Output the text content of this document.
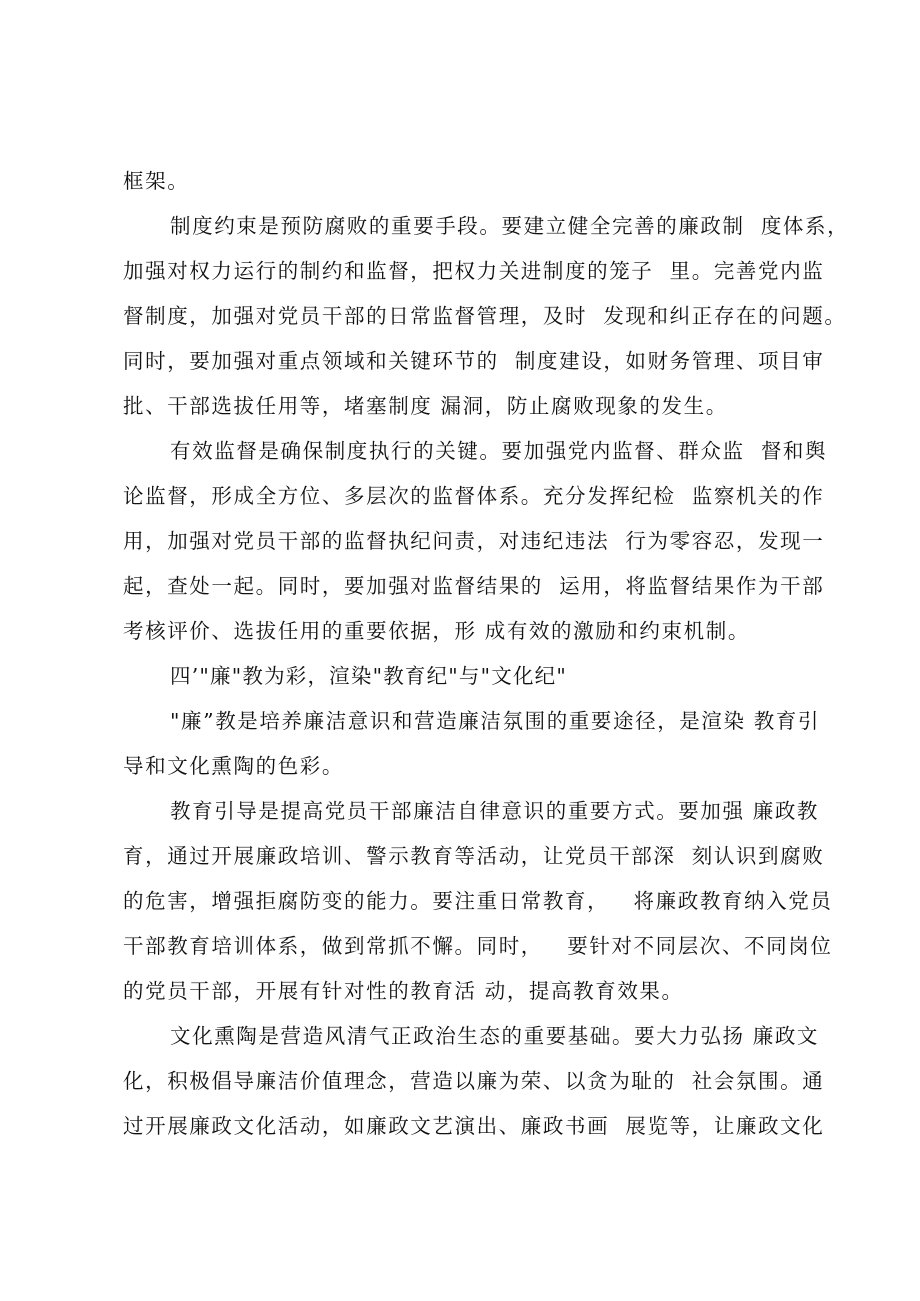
框架。

制度约束是预防腐败的重要手段。要建立健全完善的廉政制  度体系，

加强对权力运行的制约和监督，把权力关进制度的笼子  里。完善党内监

督制度，加强对党员干部的日常监督管理，及时  发现和纠正存在的问题。

同时，要加强对重点领域和关键环节的  制度建设，如财务管理、项目审

批、干部选拔任用等，堵塞制度 漏洞，防止腐败现象的发生。

有效监督是确保制度执行的关键。要加强党内监督、群众监  督和舆

论监督，形成全方位、多层次的监督体系。充分发挥纪检  监察机关的作

用，加强对党员干部的监督执纪问责，对违纪违法  行为零容忍，发现一

起，查处一起。同时，要加强对监督结果的  运用，将监督结果作为干部

考核评价、选拔任用的重要依据，形 成有效的激励和约束机制。

四’"廉"教为彩，渲染"教育纪"与"文化纪"

"廉”教是培养廉洁意识和营造廉洁氛围的重要途径，是渲染 教育引

导和文化熏陶的色彩。

教育引导是提高党员干部廉洁自律意识的重要方式。要加强 廉政教

育，通过开展廉政培训、警示教育等活动，让党员干部深  刻认识到腐败

的危害，增强拒腐防变的能力。要注重日常教育，   将廉政教育纳入党员

干部教育培训体系，做到常抓不懈。同时，   要针对不同层次、不同岗位

的党员干部，开展有针对性的教育活 动，提高教育效果。

文化熏陶是营造风清气正政治生态的重要基础。要大力弘扬 廉政文

化，积极倡导廉洁价值理念，营造以廉为荣、以贪为耻的  社会氛围。通

过开展廉政文化活动，如廉政文艺演出、廉政书画  展览等，让廉政文化
